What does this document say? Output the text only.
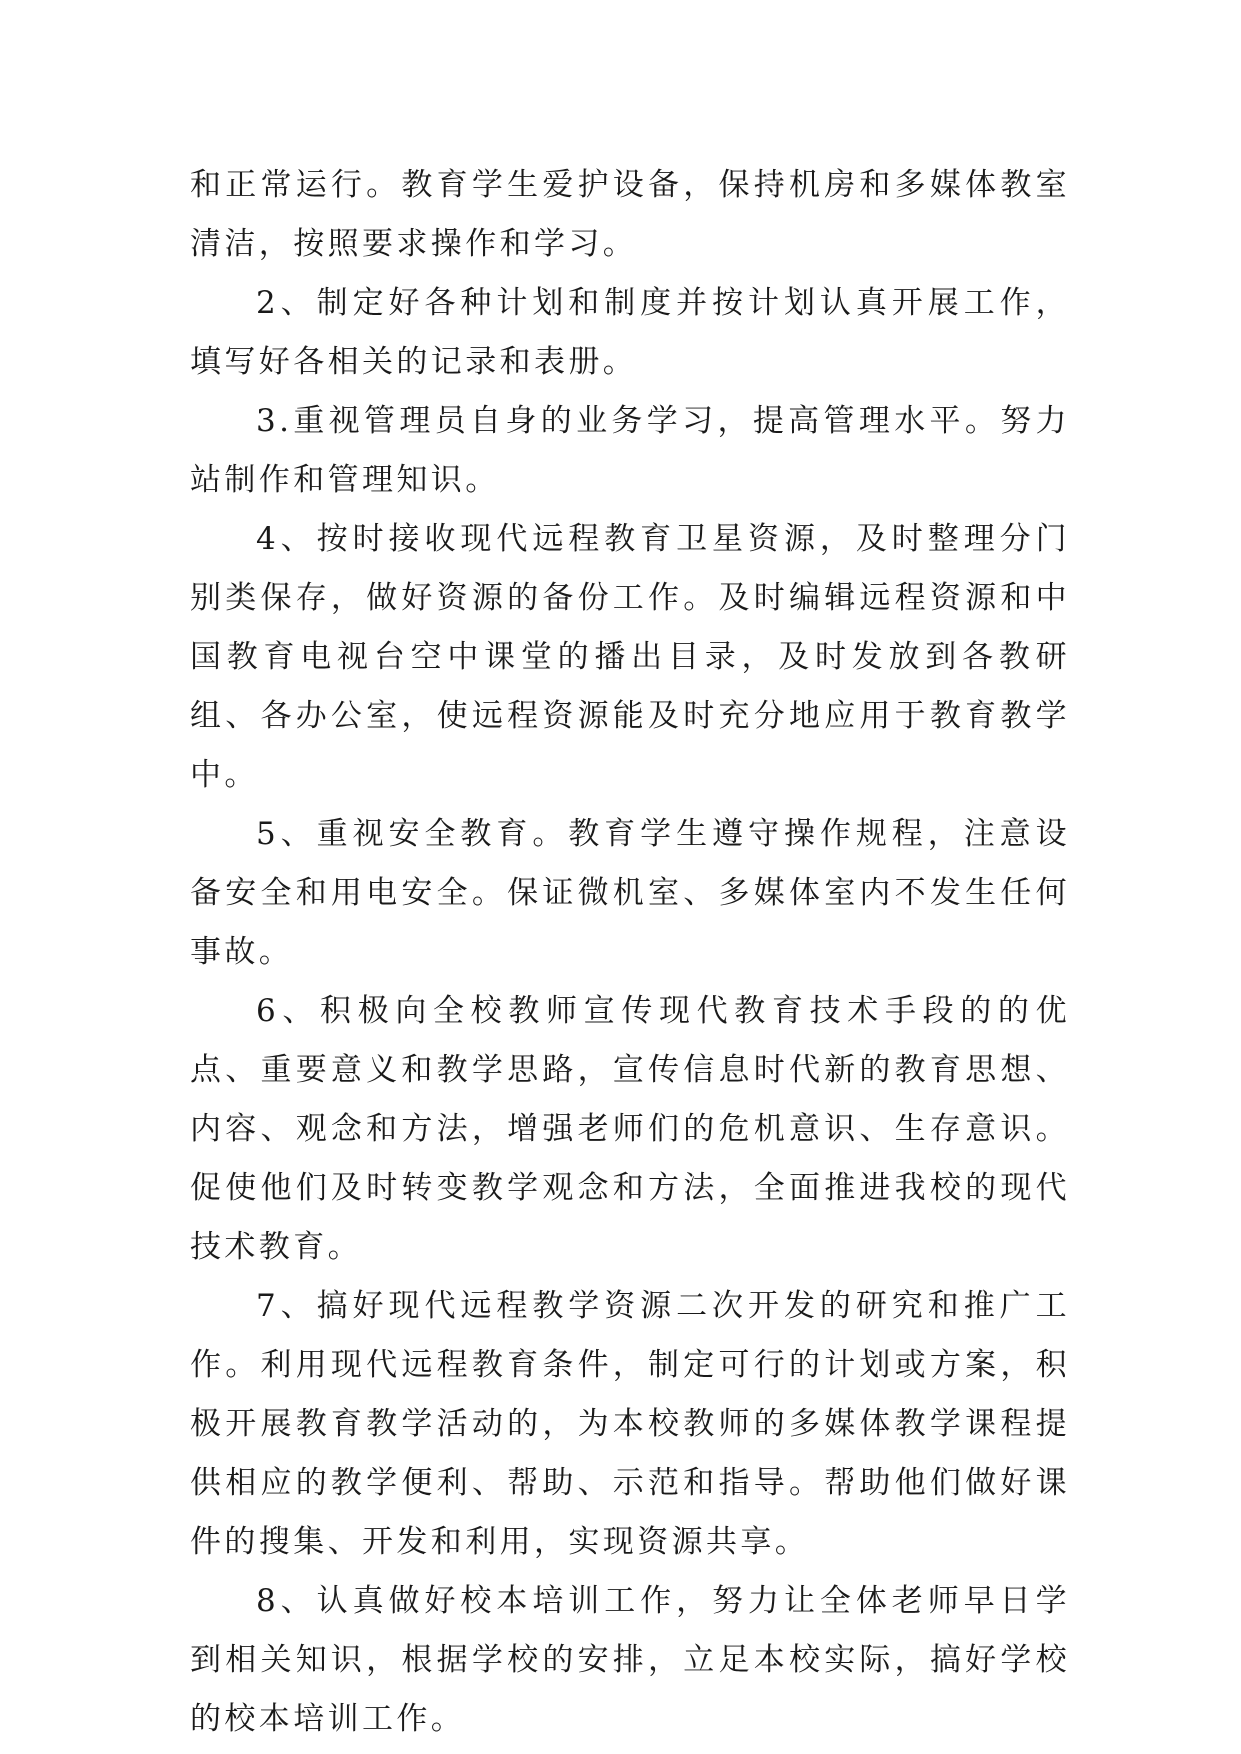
和正常运行。教育学生爱护设备，保持机房和多媒体教室清洁，按照要求操作和学习。

2、制定好各种计划和制度并按计划认真开展工作，填写好各相关的记录和表册。

3.重视管理员自身的业务学习，提高管理水平。努力站制作和管理知识。

4、按时接收现代远程教育卫星资源，及时整理分门别类保存，做好资源的备份工作。及时编辑远程资源和中国教育电视台空中课堂的播出目录，及时发放到各教研组、各办公室，使远程资源能及时充分地应用于教育教学中。

5、重视安全教育。教育学生遵守操作规程，注意设备安全和用电安全。保证微机室、多媒体室内不发生任何事故。

6、积极向全校教师宣传现代教育技术手段的的优点、重要意义和教学思路，宣传信息时代新的教育思想、内容、观念和方法，增强老师们的危机意识、生存意识。促使他们及时转变教学观念和方法，全面推进我校的现代技术教育。

7、搞好现代远程教学资源二次开发的研究和推广工作。利用现代远程教育条件，制定可行的计划或方案，积极开展教育教学活动的，为本校教师的多媒体教学课程提供相应的教学便利、帮助、示范和指导。帮助他们做好课件的搜集、开发和利用，实现资源共享。

8、认真做好校本培训工作，努力让全体老师早日学到相关知识，根据学校的安排，立足本校实际，搞好学校的校本培训工作。
